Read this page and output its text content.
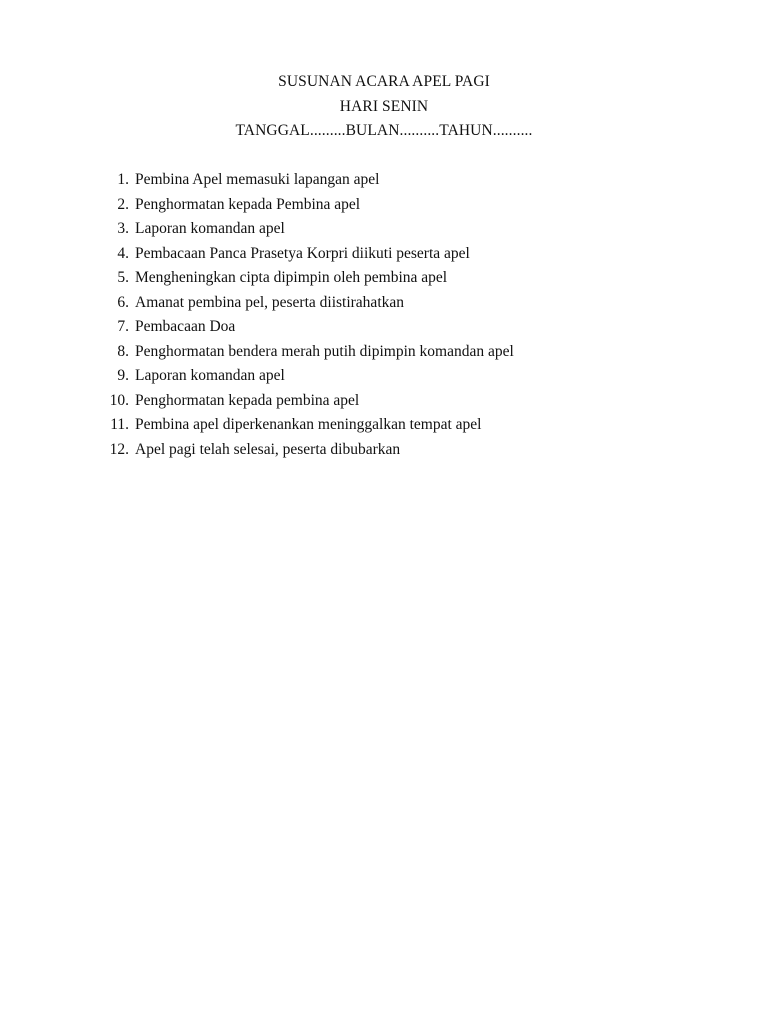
SUSUNAN ACARA APEL PAGI
HARI SENIN
TANGGAL.........BULAN..........TAHUN..........
1. Pembina Apel memasuki lapangan apel
2. Penghormatan kepada Pembina apel
3. Laporan komandan apel
4. Pembacaan Panca Prasetya Korpri diikuti peserta apel
5. Mengheningkan cipta dipimpin oleh pembina apel
6. Amanat pembina pel, peserta diistirahatkan
7. Pembacaan Doa
8. Penghormatan bendera merah putih dipimpin komandan apel
9. Laporan komandan apel
10. Penghormatan kepada pembina apel
11. Pembina apel diperkenankan meninggalkan tempat apel
12. Apel pagi telah selesai, peserta dibubarkan
